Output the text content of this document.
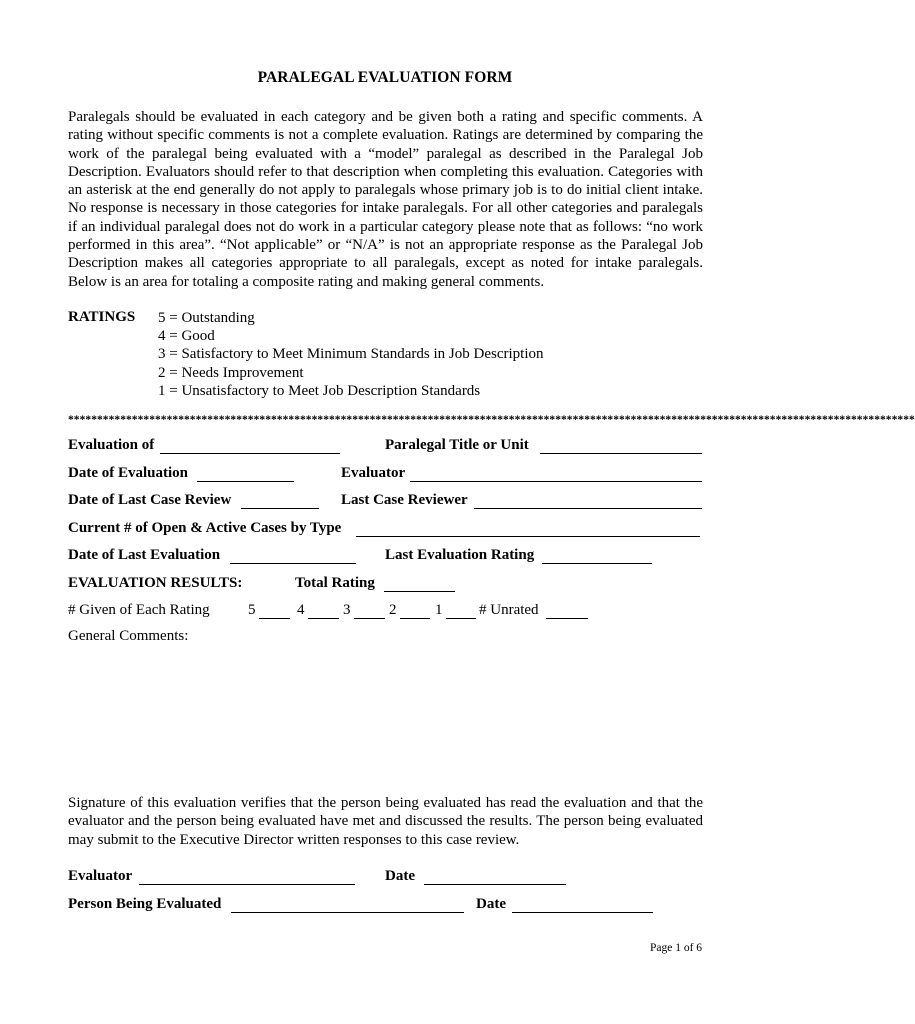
PARALEGAL EVALUATION FORM
Paralegals should be evaluated in each category and be given both a rating and specific comments. A rating without specific comments is not a complete evaluation. Ratings are determined by comparing the work of the paralegal being evaluated with a “model” paralegal as described in the Paralegal Job Description. Evaluators should refer to that description when completing this evaluation. Categories with an asterisk at the end generally do not apply to paralegals whose primary job is to do initial client intake. No response is necessary in those categories for intake paralegals. For all other categories and paralegals if an individual paralegal does not do work in a particular category please note that as follows: “no work performed in this area”. “Not applicable” or “N/A” is not an appropriate response as the Paralegal Job Description makes all categories appropriate to all paralegals, except as noted for intake paralegals. Below is an area for totaling a composite rating and making general comments.
RATINGS 5 = Outstanding
4 = Good
3 = Satisfactory to Meet Minimum Standards in Job Description
2 = Needs Improvement
1 = Unsatisfactory to Meet Job Description Standards
**************************************************************************************************************************************************
Evaluation of	Paralegal Title or Unit
Date of Evaluation	Evaluator
Date of Last Case Review	Last Case Reviewer
Current # of Open & Active Cases by Type
Date of Last Evaluation	Last Evaluation Rating
EVALUATION RESULTS:	Total Rating
# Given of Each Rating	5	4	3	2	1 # Unrated
General Comments:
Signature of this evaluation verifies that the person being evaluated has read the evaluation and that the evaluator and the person being evaluated have met and discussed the results. The person being evaluated may submit to the Executive Director written responses to this case review.
Evaluator	Date
Person Being Evaluated	Date
Page 1 of 6
